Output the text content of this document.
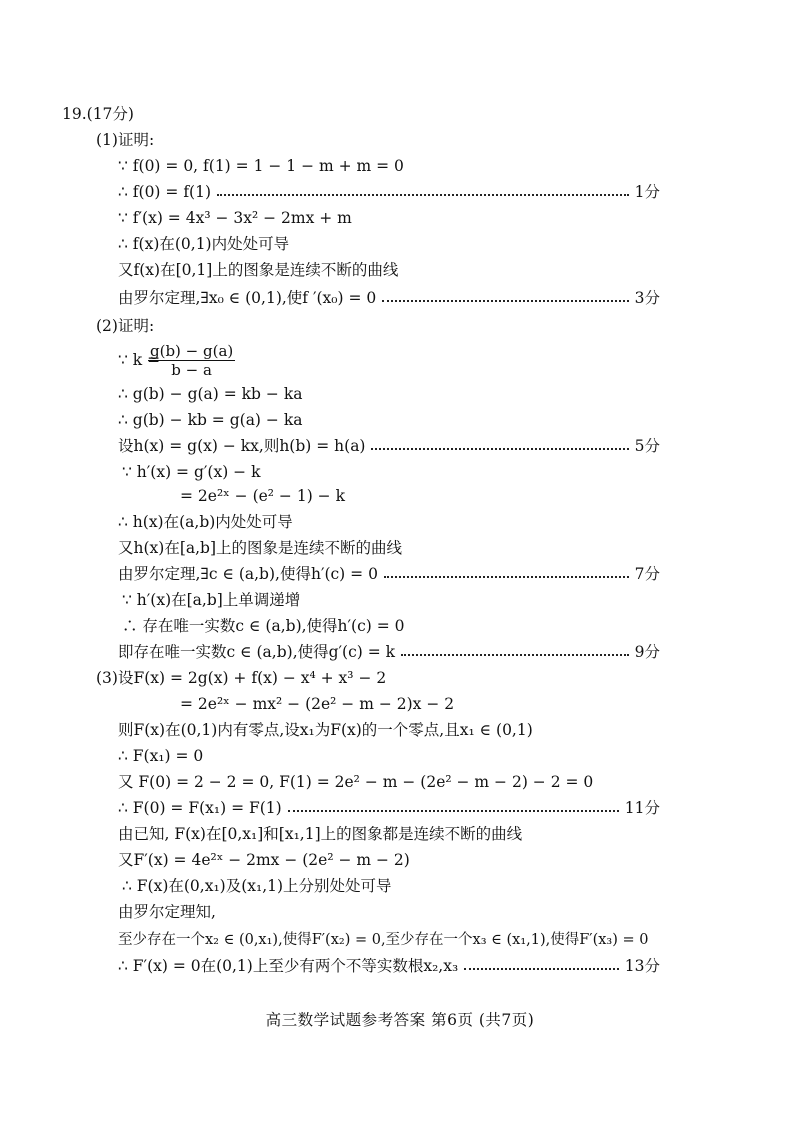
19.(17分)
(1)证明:
∵ f(0) = 0, f(1) = 1 − 1 − m + m = 0
∴ f(0) = f(1)	1分
∵ f′(x) = 4x³ − 3x² − 2mx + m
∴ f(x)在(0,1)内处处可导
又f(x)在[0,1]上的图象是连续不断的曲线
由罗尔定理,∃x₀ ∈ (0,1),使f ′(x₀) = 0	3分
(2)证明:
∵ k =
$\frac{g(b) - g(a)}{b - a}$
∴ g(b) − g(a) = kb − ka
∴ g(b) − kb = g(a) − ka
设h(x) = g(x) − kx,则h(b) = h(a)	5分
∵ h′(x) = g′(x) − k
= 2e²ˣ − (e² − 1) − k
∴ h(x)在(a,b)内处处可导
又h(x)在[a,b]上的图象是连续不断的曲线
由罗尔定理,∃c ∈ (a,b),使得h′(c) = 0	7分
∵ h′(x)在[a,b]上单调递增
∴ 存在唯一实数c ∈ (a,b),使得h′(c) = 0
即存在唯一实数c ∈ (a,b),使得g′(c) = k	9分
(3)设F(x) = 2g(x) + f(x) − x⁴ + x³ − 2
= 2e²ˣ − mx² − (2e² − m − 2)x − 2
则F(x)在(0,1)内有零点,设x₁为F(x)的一个零点,且x₁ ∈ (0,1)
∴ F(x₁) = 0
又 F(0) = 2 − 2 = 0, F(1) = 2e² − m − (2e² − m − 2) − 2 = 0
∴ F(0) = F(x₁) = F(1)	11分
由已知, F(x)在[0,x₁]和[x₁,1]上的图象都是连续不断的曲线
又F′(x) = 4e²ˣ − 2mx − (2e² − m − 2)
∴ F(x)在(0,x₁)及(x₁,1)上分别处处可导
由罗尔定理知,
至少存在一个x₂ ∈ (0,x₁),使得F′(x₂) = 0,至少存在一个x₃ ∈ (x₁,1),使得F′(x₃) = 0
∴ F′(x) = 0在(0,1)上至少有两个不等实数根x₂,x₃	13分
高三数学试题参考答案 第6页 (共7页)
